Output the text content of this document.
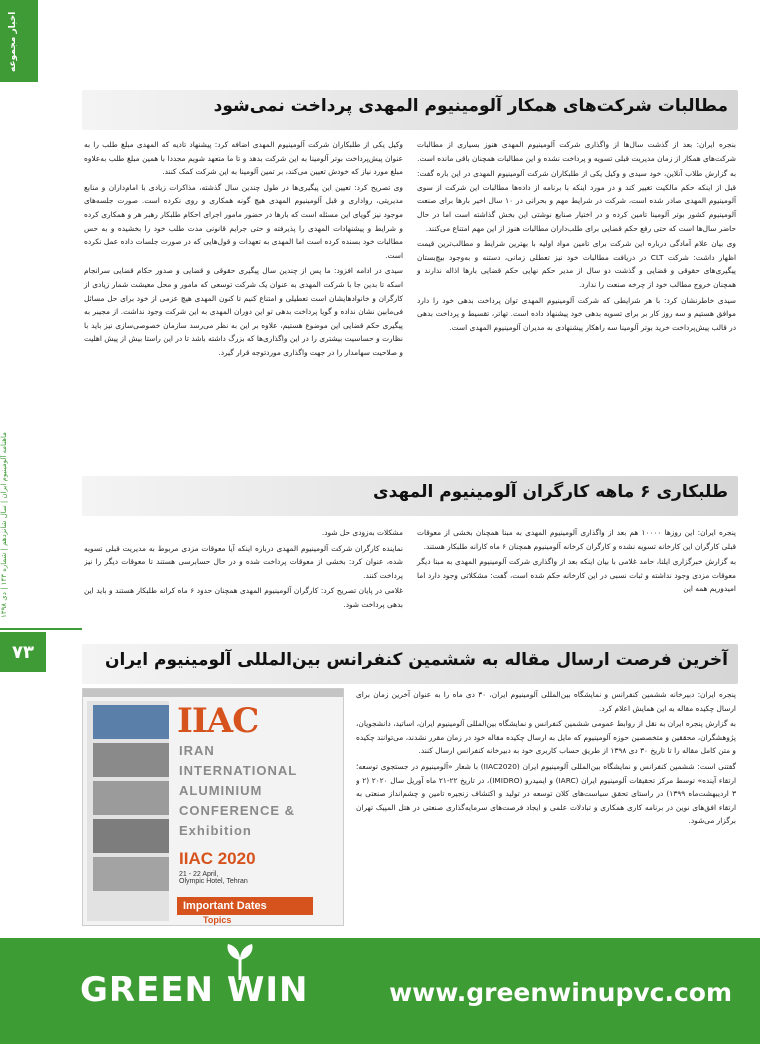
اخبار مجموعه
ماهنامه آلومینیوم ایران | سال شانزدهم | شماره ۱۴۳ | دی ۱۳۹۸
۷۳
مطالبات شرکت‌های همکار آلومینیوم المهدی پرداخت نمی‌شود

بنجره ایران: بعد از گذشت سال‌ها از واگذاری شرکت آلومینیوم المهدی هنوز بسیاری از مطالبات شرکت‌های همکار از زمان مدیریت قبلی تسویه و پرداخت نشده و این مطالبات همچنان باقی مانده است.

به گزارش طلاب آنلاین، خود سیدی و وکیل یکی از طلبکاران شرکت آلومینیوم المهدی در این باره گفت: قبل از اینکه حکم مالکیت تغییر کند و در مورد اینکه با برنامه از داده‌ها مطالبات این شرکت از سوی آلومینیوم المهدی صادر شده است، شرکت در شرایط مهم و بحرانی در ۱۰ سال اخیر بارها برای صنعت آلومینیوم کشور بوتر آلومینا تامین کرده و در اختیار صنایع نوشتی این بخش گذاشته است اما در حال حاضر سال‌ها است که حتی رفع حکم قضایی برای طلب‌داران مطالبات هنوز از این مهم امتناع می‌کنند.

وی بیان علام آمادگی درباره این شرکت برای تامین مواد اولیه با بهترین شرایط و مطالب‌ترین قیمت اظهار داشت: شرکت CLT در دریافت مطالبات خود نیز تعطلی زمانی، دستنه و به‌وجود بیچ‌بستان پیگیری‌های حقوقی و قضایی و گذشت دو سال از مدیر حکم نهایی حکم قضایی بارها اذاله ندارند و همچنان خروج مطالب خود از چرخه صنعت را ندارد.

سیدی خاطرنشان کرد: با هر شرایطی که شرکت آلومینیوم المهدی توان پرداخت بدهی خود را دارد موافق هستیم و سه روز کار بر برای تسویه بدهی خود پیشنهاد داده است. تهاتر، تقسیط و پرداخت بدهی در قالب پیش‌پرداخت خرید بوتر آلومینا سه راهکار پیشنهادی به مدیران آلومینیوم المهدی است.

وکیل یکی از طلبکاران شرکت آلومینیوم المهدی اضافه کرد: پیشنهاد تادیه که المهدی مبلغ طلب را به عنوان پیش‌پرداخت بوتر آلومینا به این شرکت بدهد و تا ما متعهد شویم مجددا با همین مبلغ طلب به‌علاوه مبلغ مورد نیاز که خودش تعیین می‌کند، بر تمین آلومینا به این شرکت کمک کنند.

وی تصریح کرد: تعیین این پیگیری‌ها در طول چندین سال گذشته، مذاکرات زیادی با امام‌داران و منابع مدیریتی، رواداری و قبل آلومینیوم المهدی هیچ گونه همکاری و روی نکرده است. صورت جلسه‌های موجود نیز گویای این مسئله است که بارها در حضور مامور اجرای احکام طلبکار رهبر هر و همکاری کرده و شرایط و پیشنهادات المهدی را پذیرفته و حتی جرایم قانونی مدت طلب خود را بخشیده و به حس مطالبات خود بسنده کرده است اما المهدی به تعهدات و قول‌هایی که در صورت جلسات داده عمل نکرده است.

سیدی در ادامه افزود: ما پس از چندین سال پیگیری حقوقی و قضایی و صدور حکام قضایی سرانجام اسکه تا بدین جا با شرکت المهدی به عنوان یک شرکت توسعی که مامور و محل معیشت شمار زیادی از کارگران و خانوادهایشان است تعطیلی و امتناع کنیم تا کنون المهدی هیچ عزمی از خود برای حل مسائل فی‌مابین نشان نداده و گویا پرداخت بدهی تو این دوران المهدی به این شرکت وجود نداشت. از مجیبر به پیگیری حکم قضایی این موضوع هستیم، علاوه بر این به نظر می‌رسد سازمان خصوصی‌سازی نیز باید با نظارت و حساسیت بیشتری را در این واگذاری‌ها که بزرگ داشته باشد تا در این راستا بیش از پیش اهلیت و صلاحیت سهامدار را در جهت واگذاری موردتوجه قرار گیرد.

طلبکاری ۶ ماهه کارگران آلومینیوم المهدی

پنجره ایران: این روزها ۱۰۰۰۰ هم بعد از واگذاری آلومینیوم المهدی به مبنا همچنان بخشی از معوقات قبلی کارگران این کارخانه تسویه نشده و کارگران کرخانه آلومینیوم همچنان ۶ ماه کارانه طلبکار هستند.

به گزارش خبرگزاری ایلنا، حامد غلامی با بیان اینکه بعد از واگذاری شرکت آلومینیوم المهدی به مبنا دیگر معوقات مزدی وجود نداشته و ثبات نسبی در این کارخانه حکم شده است، گفت: مشکلاتی وجود دارد اما امیدوریم همه این

مشکلات به‌زودی حل شود.

نماینده کارگران شرکت آلومینیوم المهدی درباره اینکه آیا معوقات مزدی مربوط به مدیریت قبلی تسویه شده، عنوان کرد: بخشی از معوقات پرداخت شده و در حال حسابرسی هستند تا معوقات دیگر را نیز پرداخت کنند.

غلامی در پایان تصریح کرد: کارگران آلومینیوم المهدی همچنان حدود ۶ ماه کرانه طلبکار هستند و باید این بدهی پرداخت شود.

آخرین فرصت ارسال مقاله به ششمین کنفرانس بین‌المللی آلومینیوم ایران

پنجره ایران: دبیرخانه ششمین کنفرانس و نمایشگاه بین‌المللی آلومینیوم ایران، ۳۰ دی ماه را به عنوان آخرین زمان برای ارسال چکیده مقاله به این همایش اعلام کرد.

به گزارش پنجره ایران به نقل از روابط عمومی ششمین کنفرانس و نمایشگاه بین‌المللی آلومینیوم ایران، اساتید، دانشجویان، پژوهشگران، محققین و متخصصین حوزه آلومینیوم که مایل به ارسال چکیده مقاله خود در زمان مقرر نشدند، می‌توانند چکیده و متن کامل مقاله را تا تاریخ ۳۰ دی ۱۳۹۸ از طریق حساب کاربری خود به دبیرخانه کنفرانس ارسال کنند.

گفتنی است: ششمین کنفرانس و نمایشگاه بین‌المللی آلومینیوم ایران (IIAC2020) با شعار «آلومینیوم در جستجوی توسعه؛ ارتقاء آینده» توسط مرکز تحقیقات آلومینیوم ایران (IARC) و ایمیدرو (IMIDRO)، در تاریخ ۲۲-۲۱ ماه آوریل سال ۲۰۲۰ (۲ و ۳ اردیبهشت‌ماه ۱۳۹۹) در راستای تحقق سیاست‌های کلان توسعه در تولید و اکتشاف زنجیره تامین و چشم‌انداز صنعتی به ارتقاء افق‌های نوین در برنامه کاری همکاری و تبادلات علمی و ایجاد فرصت‌های سرمایه‌گذاری صنعتی در هتل المپیک تهران برگزار می‌شود.

IIAC
IRAN
INTERNATIONAL
ALUMINIUM
CONFERENCE &
Exhibition
IIAC 2020
21 - 22 April,
Olympic Hotel, Tehran
Important Dates
Topics
GREEN WIN	www.greenwinupvc.com
